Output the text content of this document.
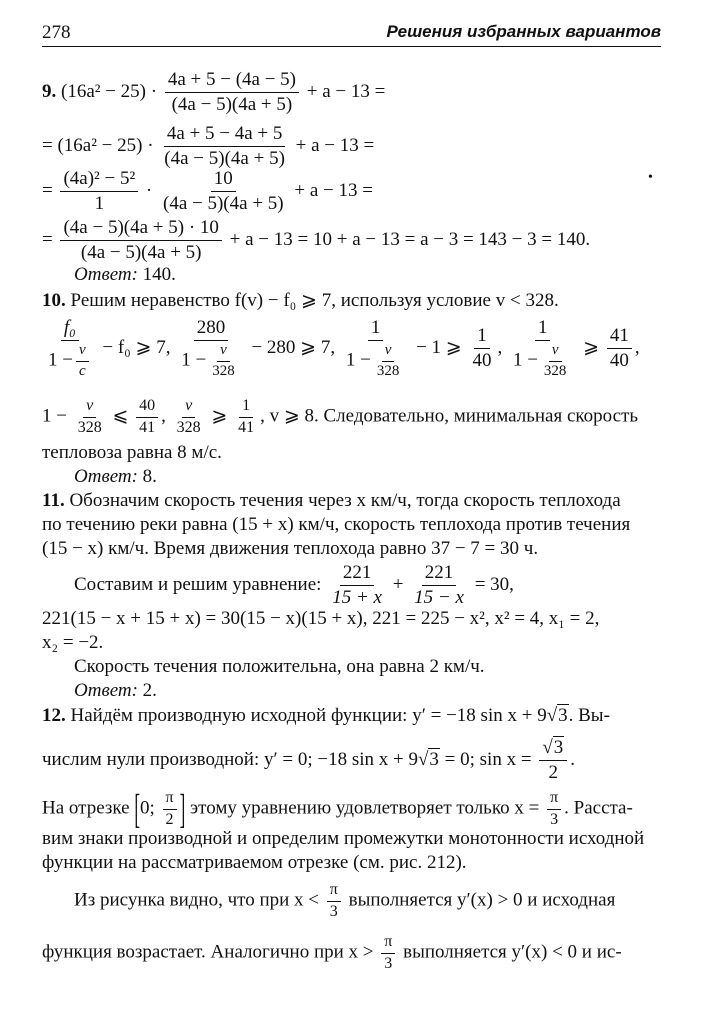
278	Решения избранных вариантов
9. $(16a^2 - 25) \cdot \frac{4a + 5 - (4a - 5)}{(4a - 5)(4a + 5)} + a - 13$ =
= $(16a^2 - 25) \cdot \frac{4a + 5 - 4a + 5}{(4a - 5)(4a + 5)} + a - 13$ =
= $\frac{\text{(4a)² − 5²}}{1} \cdot \frac{10}{(4a - 5)(4a + 5)} + a - 13$ =
= $\frac{(4a - 5)(4a + 5) \cdot 10}{(4a - 5)(4a + 5)} + a - 13 = 10 + a - 13 = a - 3 = 143 - 3 = 140$.
Ответ: 140.
10. Решим неравенство f(v) − f₀ ⩾ 7, используя условие v < 328.
$\frac{\text{f₀}}{1 - \frac{v}{c}} - f_0$ ⩾ 7, $\frac{280}{1 - \frac{v}{328}} - 280$ ⩾ 7, $\frac{1}{1 - \frac{v}{328}} - 1$ ⩾ $\frac{1}{40}$ , $\frac{1}{1 - \frac{v}{328}}$ ⩾ $\frac{41}{40}$ ,
$1 - \frac{v}{328}$ ⩽ $\frac{40}{41}$ , $\frac{v}{328}$ ⩾ $\frac{1}{41}$ , v ⩾ 8. Следовательно, минимальная скорость
тепловоза равна 8 м/с.
Ответ: 8.
11. Обозначим скорость течения через x км/ч, тогда скорость теплохода
по течению реки равна (15 + x) км/ч, скорость теплохода против течения
(15 − x) км/ч. Время движения теплохода равно 37 − 7 = 30 ч.
Составим и решим уравнение: $\frac{221}{15 + x} + \frac{221}{15 - x} = 30$,
221(15 − x + 15 + x) = 30(15 − x)(15 + x), 221 = 225 − x², x² = 4, x₁ = 2,
x₂ = −2.
Скорость течения положительна, она равна 2 км/ч.
Ответ: 2.
12. Найдём производную исходной функции: y′ = −18 sin x + 9√3. Вы-
числим нули производной: y′ = 0; −18 sin x + 9√3 = 0; $\sin x = \frac{√3}{2}$ .
На отрезке [0; $\frac{\pi}{2}$ ] этому уравнению удовлетворяет только $x = \frac{\pi}{3}$ . Расста-
вим знаки производной и определим промежутки монотонности исходной
функции на рассматриваемом отрезке (см. рис. 212).
Из рисунка видно, что при $x < \frac{\pi}{3}$ выполняется y′(x) > 0 и исходная
функция возрастает. Аналогично при $x > \frac{\pi}{3}$ выполняется y′(x) < 0 и ис-
•
